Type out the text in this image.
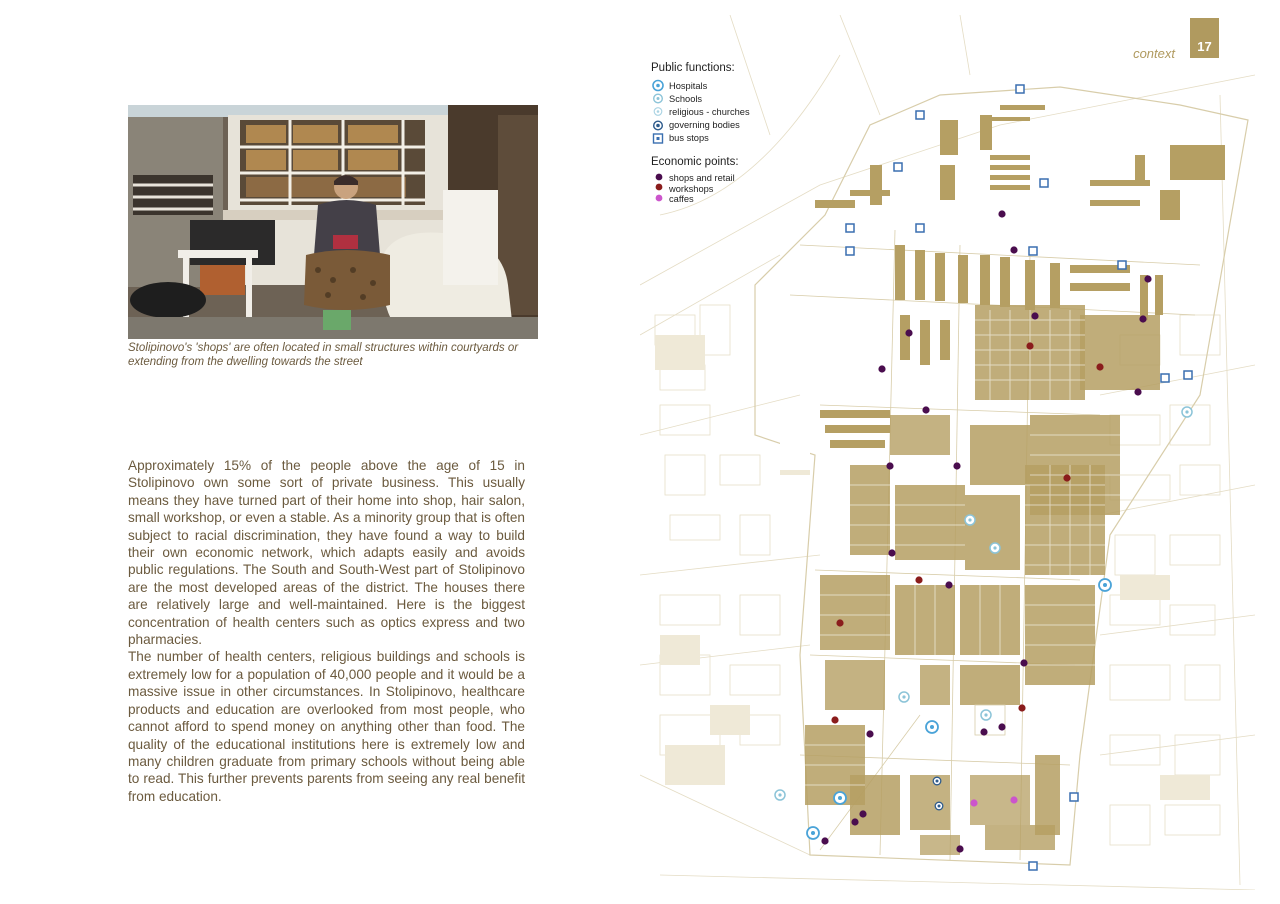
Stolipinovo's 'shops' are often located in small structures within courtyards or extending from the dwelling towards the street

Approximately 15% of the people above the age of 15 in Stolipinovo own some sort of private business. This usually means they have turned part of their home into shop, hair salon, small workshop, or even a stable. As a minority group that is often subject to racial discrimination, they have found a way to build their own economic network, which adapts easily and avoids public regulations. The South and South-West part of Stolipinovo are the most developed areas of the district. The houses there are relatively large and well-maintained. Here is the biggest concentration of health centers such as optics express and two pharmacies.

The number of health centers, religious buildings and schools is extremely low for a population of 40,000 people and it would be a massive issue in other circumstances. In Stolipinovo, healthcare products and education are overlooked from most people, who cannot afford to spend money on anything other than food. The quality of the educational institutions here is extremely low and many children graduate from primary schools without being able to read. This further prevents parents from seeing any real benefit from education.

context	17
Public functions:
Hospitals
Schools
religious - churches
governing bodies
bus stops
Economic points:
shops and retail
workshops
caffes
